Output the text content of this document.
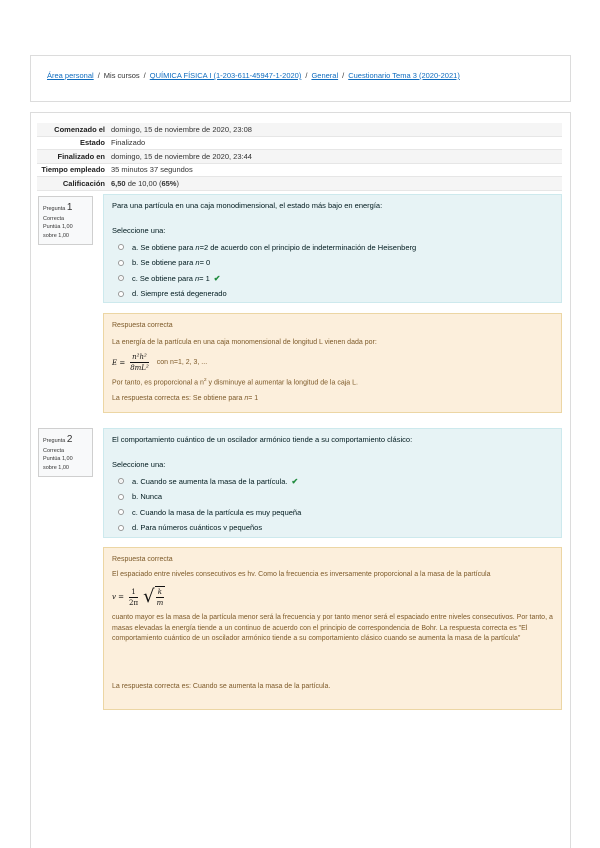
Área personal / Mis cursos / QUÍMICA FÍSICA I (1-203-611-45947-1-2020) / General / Cuestionario Tema 3 (2020-2021)
Comenzado el domingo, 15 de noviembre de 2020, 23:08
Estado Finalizado
Finalizado en domingo, 15 de noviembre de 2020, 23:44
Tiempo empleado 35 minutos 37 segundos
Calificación 6,50 de 10,00 (65%)
Pregunta 1
Correcta
Puntúa 1,00
sobre 1,00
Para una partícula en una caja monodimensional, el estado más bajo en energía:
Seleccione una:
a. Se obtiene para n=2 de acuerdo con el principio de indeterminación de Heisenberg
b. Se obtiene para n= 0
c. Se obtiene para n= 1 ✔
d. Siempre está degenerado

Respuesta correcta

La energía de la partícula en una caja monomensional de longitud L vienen dada por:

$E = \frac{\text{n²h²}}{\text{8mL²}}$ con n=1, 2, 3, ...

Por tanto, es proporcional a $n^2$ y disminuye al aumentar la longitud de la caja L.

La respuesta correcta es: Se obtiene para n= 1

Pregunta 2
Correcta
Puntúa 1,00
sobre 1,00
El comportamiento cuántico de un oscilador armónico tiende a su comportamiento clásico:
Seleccione una:
a. Cuando se aumenta la masa de la partícula. ✔
b. Nunca
c. Cuando la masa de la partícula es muy pequeña
d. Para números cuánticos v pequeños

Respuesta correcta

El espaciado entre niveles consecutivos es hv. Como la frecuencia es inversamente proporcional a la masa de la partícula

$v = \frac{1}{2\pi}$ √ $\frac{k}{m}$

cuanto mayor es la masa de la partícula menor será la frecuencia y por tanto menor será el espaciado entre niveles consecutivos. Por tanto, a masas elevadas la energía tiende a un continuo de acuerdo con el principio de correspondencia de Bohr. La respuesta correcta es "El comportamiento cuántico de un oscilador armónico tiende a su comportamiento clásico cuando se aumenta la masa de la partícula"

La respuesta correcta es: Cuando se aumenta la masa de la partícula.
